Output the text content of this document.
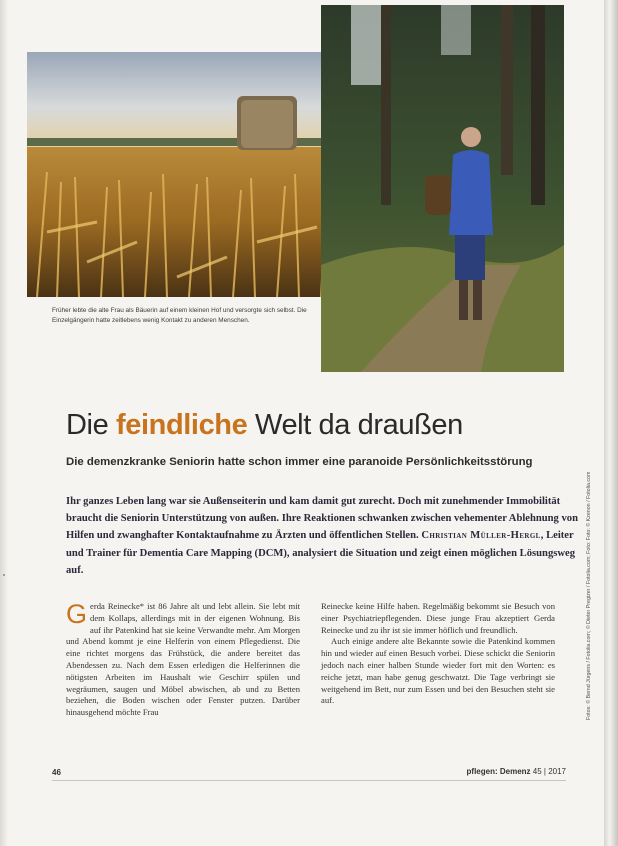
Früher lebte die alte Frau als Bäuerin auf einem kleinen Hof und versorgte sich selbst. Die Einzelgängerin hatte zeitlebens wenig Kontakt zu anderen Menschen.
Die feindliche Welt da draußen
Die demenzkranke Seniorin hatte schon immer eine paranoide Persönlichkeitsstörung

Ihr ganzes Leben lang war sie Außenseiterin und kam damit gut zurecht. Doch mit zunehmender Immobilität braucht die Seniorin Unterstützung von außen. Ihre Reaktionen schwanken zwischen vehementer Ablehnung von Hilfen und zwanghafter Kontaktaufnahme zu Ärzten und öffentlichen Stellen. Christian Müller-Hergl, Leiter und Trainer für Dementia Care Mapping (DCM), analysiert die Situation und zeigt einen möglichen Lösungsweg auf.	Fotos: © Bernd Jürgens / Fotolia.com; © Dieter Pregizer / Fotolia.com; Foto: Foto: © Kzenon / Fotolia.com

Gerda Reinecke* ist 86 Jahre alt und lebt allein. Sie lebt mit dem Kollaps, allerdings mit in der eigenen Wohnung. Bis auf ihr Patenkind hat sie keine Verwandte mehr. Am Morgen und Abend kommt je eine Helferin von einem Pflegedienst. Die eine richtet morgens das Frühstück, die andere bereitet das Abendessen zu. Nach dem Essen erledigen die Helferinnen die nötigsten Arbeiten im Haushalt wie Geschirr spülen und wegräumen, saugen und Möbel abwischen, ab und zu Betten beziehen, die Boden wischen oder Fenster putzen. Darüber hinausgehend möchte Frau

Reinecke keine Hilfe haben. Regelmäßig bekommt sie Besuch von einer Psychiatriepflegenden. Diese junge Frau akzeptiert Gerda Reinecke und zu ihr ist sie immer höflich und freundlich.

Auch einige andere alte Bekannte sowie die Patenkind kommen hin und wieder auf einen Besuch vorbei. Diese schickt die Seniorin jedoch nach einer halben Stunde wieder fort mit den Worten: es reiche jetzt, man habe genug geschwatzt. Die Tage verbringt sie weitgehend im Bett, nur zum Essen und bei den Besuchen steht sie auf.

46	pflegen: Demenz 45 | 2017
